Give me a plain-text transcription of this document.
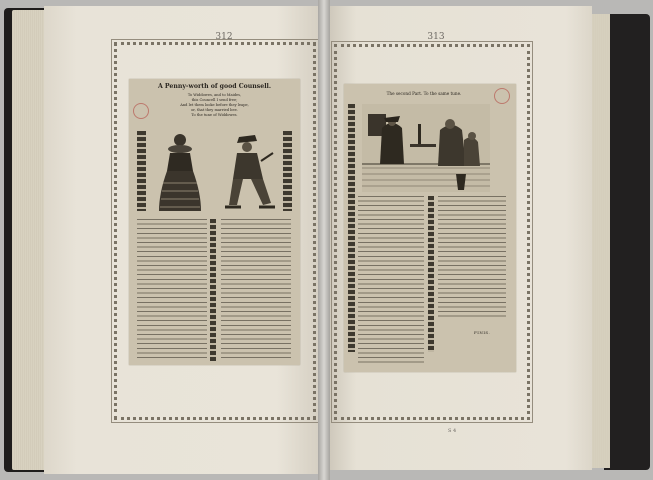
312
A Penny-worth of good Counsell.
To Widdowes, and to Maides,
this Councell I send free;
And let them looke before they leape,
or, that they married bee.
To the tune of Widdowes.
313
The second Part. To the same tune.
FINIS.
S 4
